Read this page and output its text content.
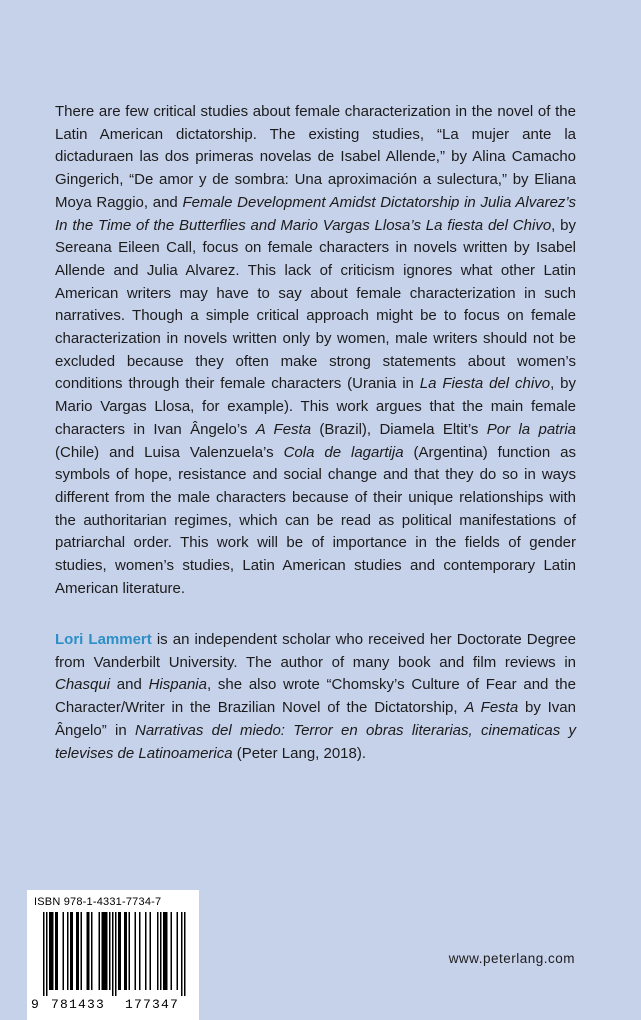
There are few critical studies about female characterization in the novel of the Latin American dictatorship. The existing studies, “La mujer ante la dictaduraen las dos primeras novelas de Isabel Allende,” by Alina Camacho Gingerich, “De amor y de sombra: Una aproximación a sulectura,” by Eliana Moya Raggio, and Female Development Amidst Dictatorship in Julia Alvarez’s In the Time of the Butterflies and Mario Vargas Llosa’s La fiesta del Chivo, by Sereana Eileen Call, focus on female characters in novels written by Isabel Allende and Julia Alvarez. This lack of criticism ignores what other Latin American writers may have to say about female characterization in such narratives. Though a simple critical approach might be to focus on female characterization in novels written only by women, male writers should not be excluded because they often make strong statements about women’s conditions through their female characters (Urania in La Fiesta del chivo, by Mario Vargas Llosa, for example). This work argues that the main female characters in Ivan Ângelo’s A Festa (Brazil), Diamela Eltit’s Por la patria (Chile) and Luisa Valenzuela’s Cola de lagartija (Argentina) function as symbols of hope, resistance and social change and that they do so in ways different from the male characters because of their unique relationships with the authoritarian regimes, which can be read as political manifestations of patriarchal order. This work will be of importance in the fields of gender studies, women’s studies, Latin American studies and contemporary Latin American literature.

Lori Lammert is an independent scholar who received her Doctorate Degree from Vanderbilt University. The author of many book and film reviews in Chasqui and Hispania, she also wrote “Chomsky’s Culture of Fear and the Character/Writer in the Brazilian Novel of the Dictatorship, A Festa by Ivan Ângelo” in Narrativas del miedo: Terror en obras literarias, cinematicas y televises de Latinoamerica (Peter Lang, 2018).

ISBN 978-1-4331-7734-7
9 781433 177347
www.peterlang.com
